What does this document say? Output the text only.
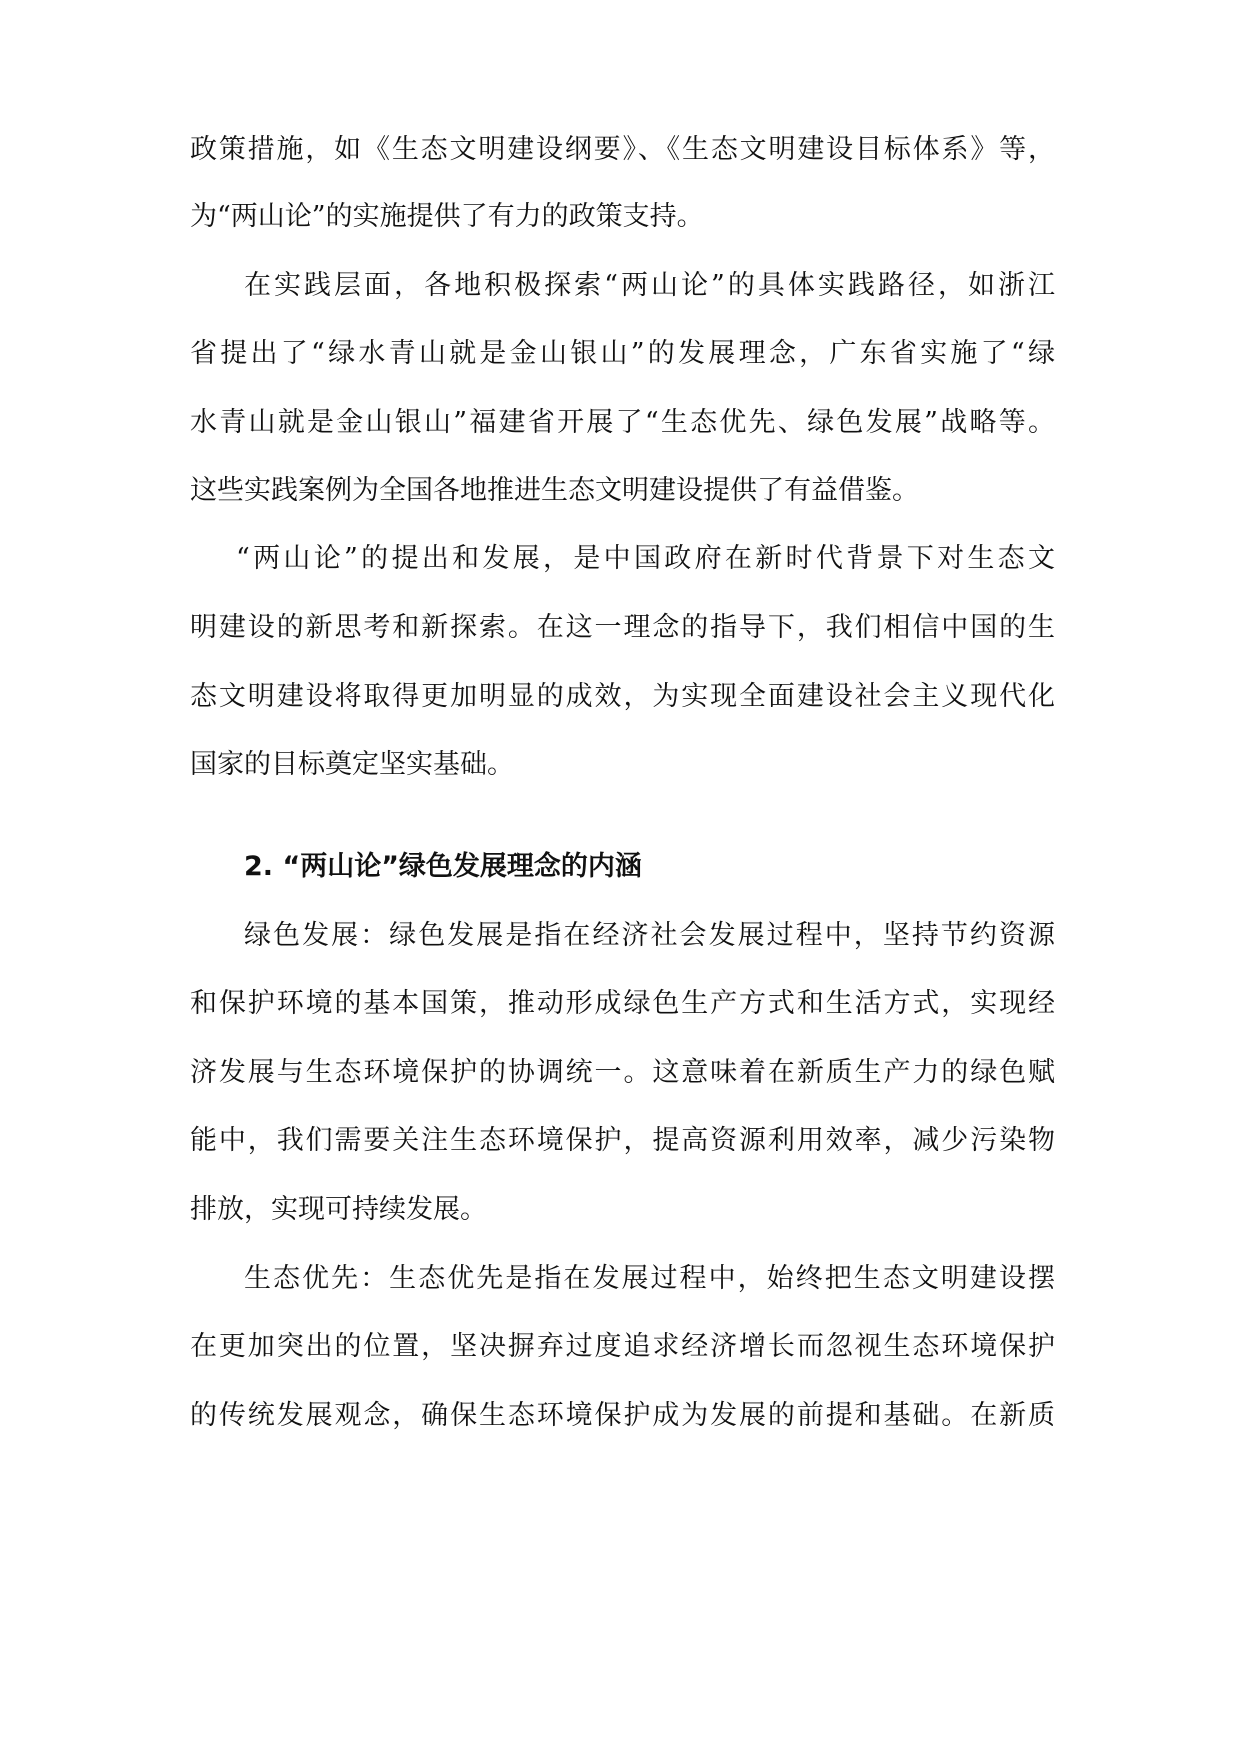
政策措施，如《生态文明建设纲要》、《生态文明建设目标体系》等，
为“两山论”的实施提供了有力的政策支持。
在实践层面，各地积极探索“两山论”的具体实践路径，如浙江
省提出了“绿水青山就是金山银山”的发展理念，广东省实施了“绿
水青山就是金山银山”福建省开展了“生态优先、绿色发展”战略等。
这些实践案例为全国各地推进生态文明建设提供了有益借鉴。
“两山论”的提出和发展，是中国政府在新时代背景下对生态文
明建设的新思考和新探索。在这一理念的指导下，我们相信中国的生
态文明建设将取得更加明显的成效，为实现全面建设社会主义现代化
国家的目标奠定坚实基础。
2. “两山论”绿色发展理念的内涵
绿色发展：绿色发展是指在经济社会发展过程中，坚持节约资源
和保护环境的基本国策，推动形成绿色生产方式和生活方式，实现经
济发展与生态环境保护的协调统一。这意味着在新质生产力的绿色赋
能中，我们需要关注生态环境保护，提高资源利用效率，减少污染物
排放，实现可持续发展。
生态优先：生态优先是指在发展过程中，始终把生态文明建设摆
在更加突出的位置，坚决摒弃过度追求经济增长而忽视生态环境保护
的传统发展观念，确保生态环境保护成为发展的前提和基础。在新质
